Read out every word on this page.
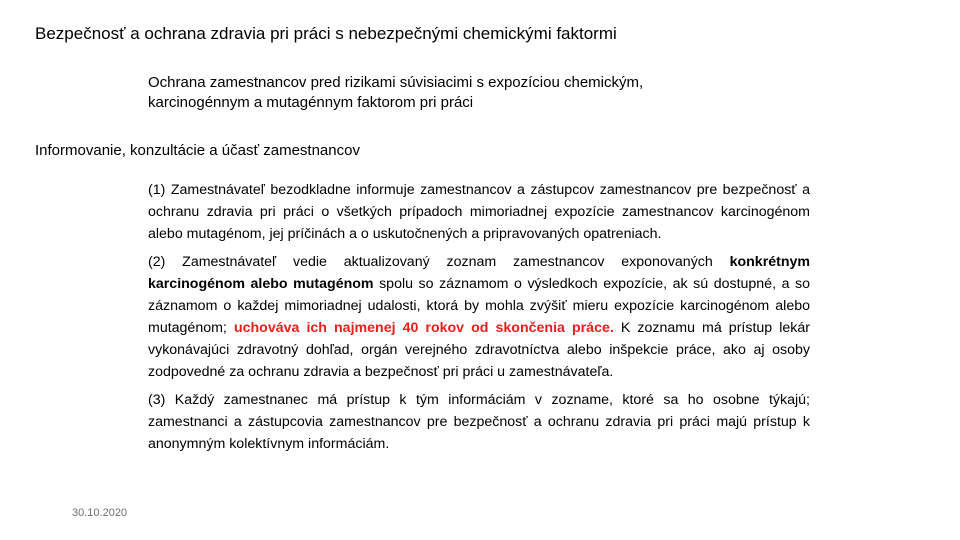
Bezpečnosť a ochrana zdravia pri práci s nebezpečnými chemickými faktormi
Ochrana zamestnancov pred rizikami súvisiacimi s expozíciou chemickým,
karcinogénnym a mutagénnym faktorom pri práci
Informovanie, konzultácie a účasť zamestnancov

(1) Zamestnávateľ bezodkladne informuje zamestnancov a zástupcov zamestnancov pre bezpečnosť a ochranu zdravia pri práci o všetkých prípadoch mimoriadnej expozície zamestnancov karcinogénom alebo mutagénom, jej príčinách a o uskutočnených a pripravovaných opatreniach.

(2) Zamestnávateľ vedie aktualizovaný zoznam zamestnancov exponovaných konkrétnym karcinogénom alebo mutagénom spolu so záznamom o výsledkoch expozície, ak sú dostupné, a so záznamom o každej mimoriadnej udalosti, ktorá by mohla zvýšiť mieru expozície karcinogénom alebo mutagénom; uchováva ich najmenej 40 rokov od skončenia práce. K zoznamu má prístup lekár vykonávajúci zdravotný dohľad, orgán verejného zdravotníctva alebo inšpekcie práce, ako aj osoby zodpovedné za ochranu zdravia a bezpečnosť pri práci u zamestnávateľa.

(3) Každý zamestnanec má prístup k tým informáciám v zozname, ktoré sa ho osobne týkajú; zamestnanci a zástupcovia zamestnancov pre bezpečnosť a ochranu zdravia pri práci majú prístup k anonymným kolektívnym informáciám.

30.10.2020
